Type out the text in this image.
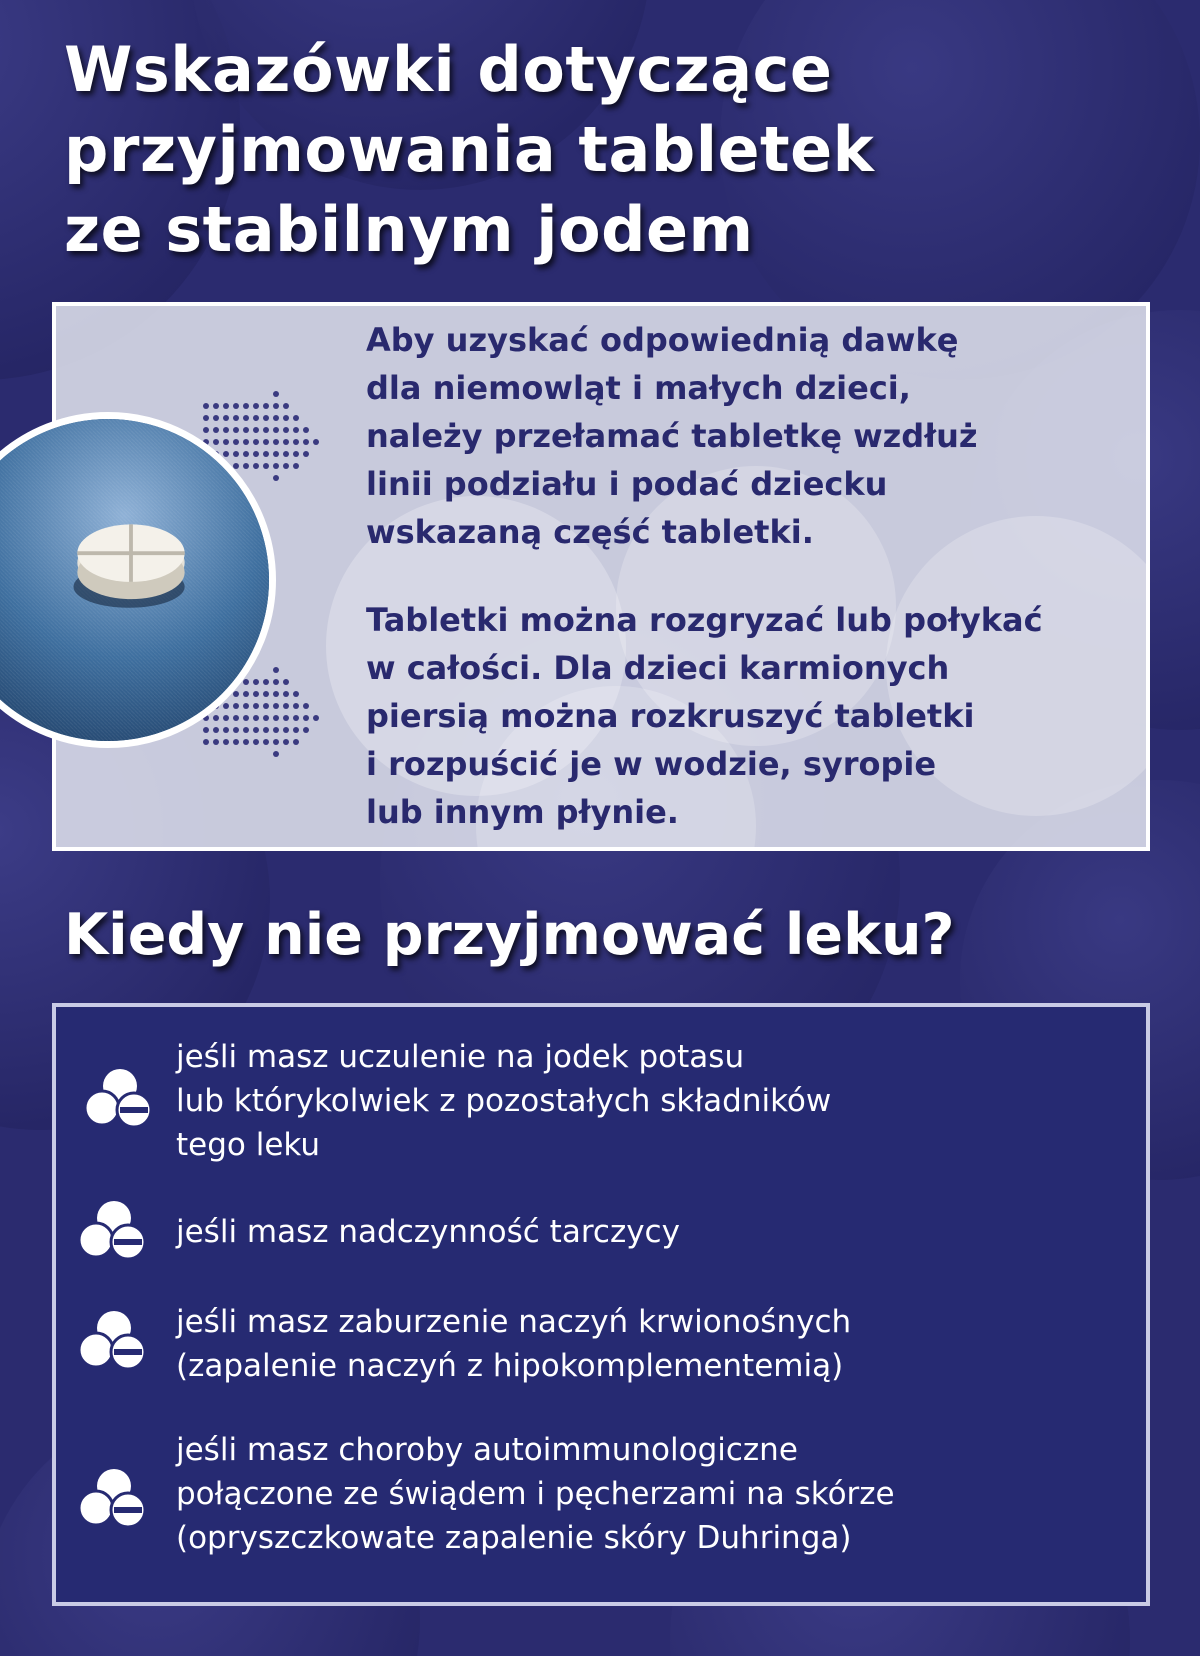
Wskazówki dotyczące
przyjmowania tabletek
ze stabilnym jodem
Aby uzyskać odpowiednią dawkę
dla niemowląt i małych dzieci,
należy przełamać tabletkę wzdłuż
linii podziału i podać dziecku
wskazaną część tabletki.
Tabletki można rozgryzać lub połykać
w całości. Dla dzieci karmionych
piersią można rozkruszyć tabletki
i rozpuścić je w wodzie, syropie
lub innym płynie.
Kiedy nie przyjmować leku?
jeśli masz uczulenie na jodek potasu
lub którykolwiek z pozostałych składników
tego leku
jeśli masz nadczynność tarczycy
jeśli masz zaburzenie naczyń krwionośnych
(zapalenie naczyń z hipokomplementemią)
jeśli masz choroby autoimmunologiczne
połączone ze świądem i pęcherzami na skórze
(opryszczkowate zapalenie skóry Duhringa)
